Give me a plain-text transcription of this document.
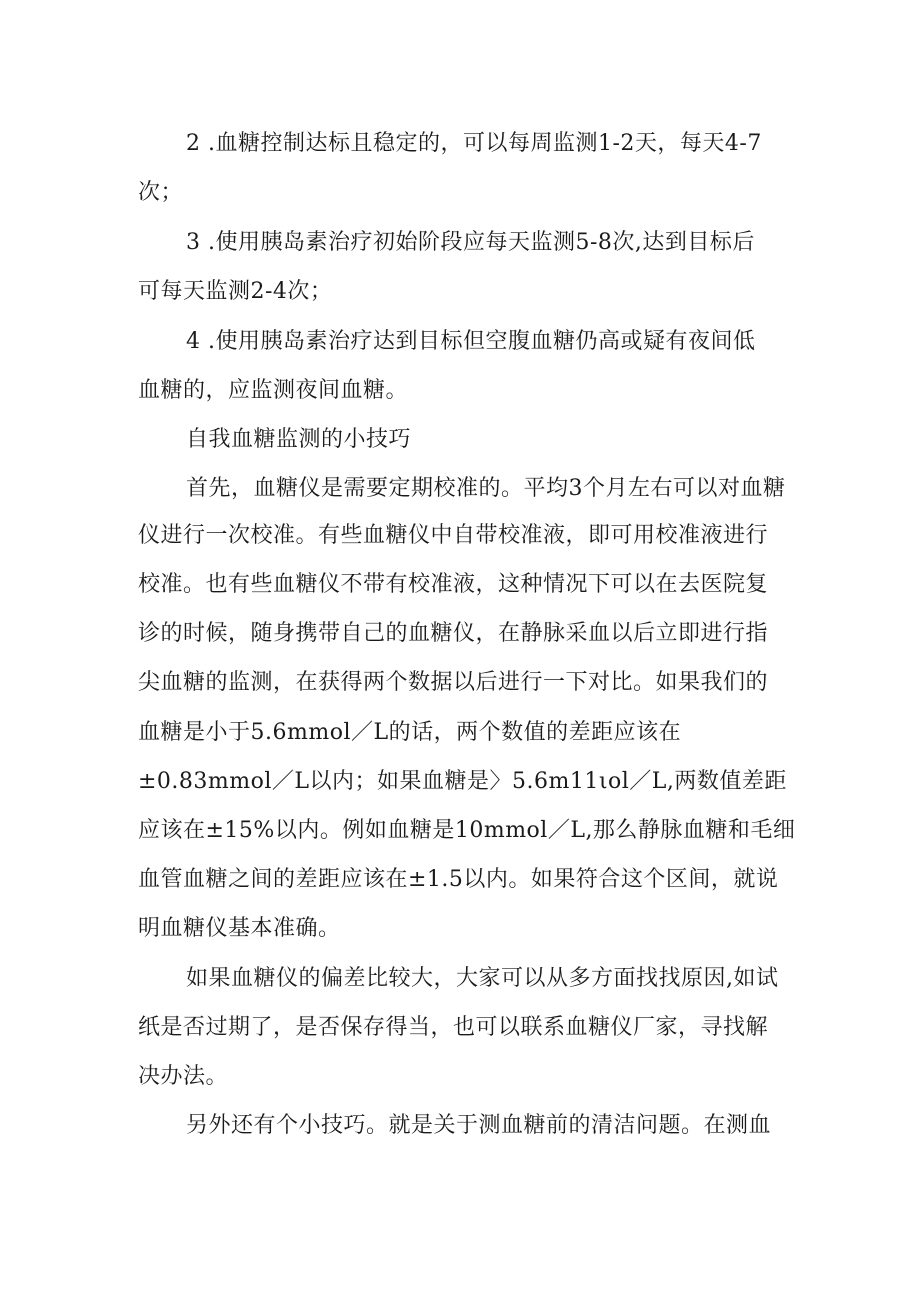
2 .血糖控制达标且稳定的，可以每周监测1-2天，每天4-7
次；
3 .使用胰岛素治疗初始阶段应每天监测5-8次,达到目标后
可每天监测2-4次；
4 .使用胰岛素治疗达到目标但空腹血糖仍高或疑有夜间低
血糖的，应监测夜间血糖。
自我血糖监测的小技巧
首先，血糖仪是需要定期校准的。平均3个月左右可以对血糖
仪进行一次校准。有些血糖仪中自带校准液，即可用校准液进行
校准。也有些血糖仪不带有校准液，这种情况下可以在去医院复
诊的时候，随身携带自己的血糖仪，在静脉采血以后立即进行指
尖血糖的监测，在获得两个数据以后进行一下对比。如果我们的
血糖是小于5.6mmol／L的话，两个数值的差距应该在
±0.83mmol／L以内；如果血糖是〉5.6m11ιol／L,两数值差距
应该在±15%以内。例如血糖是10mmol／L,那么静脉血糖和毛细
血管血糖之间的差距应该在±1.5以内。如果符合这个区间，就说
明血糖仪基本准确。
如果血糖仪的偏差比较大，大家可以从多方面找找原因,如试
纸是否过期了，是否保存得当，也可以联系血糖仪厂家，寻找解
决办法。
另外还有个小技巧。就是关于测血糖前的清洁问题。在测血
